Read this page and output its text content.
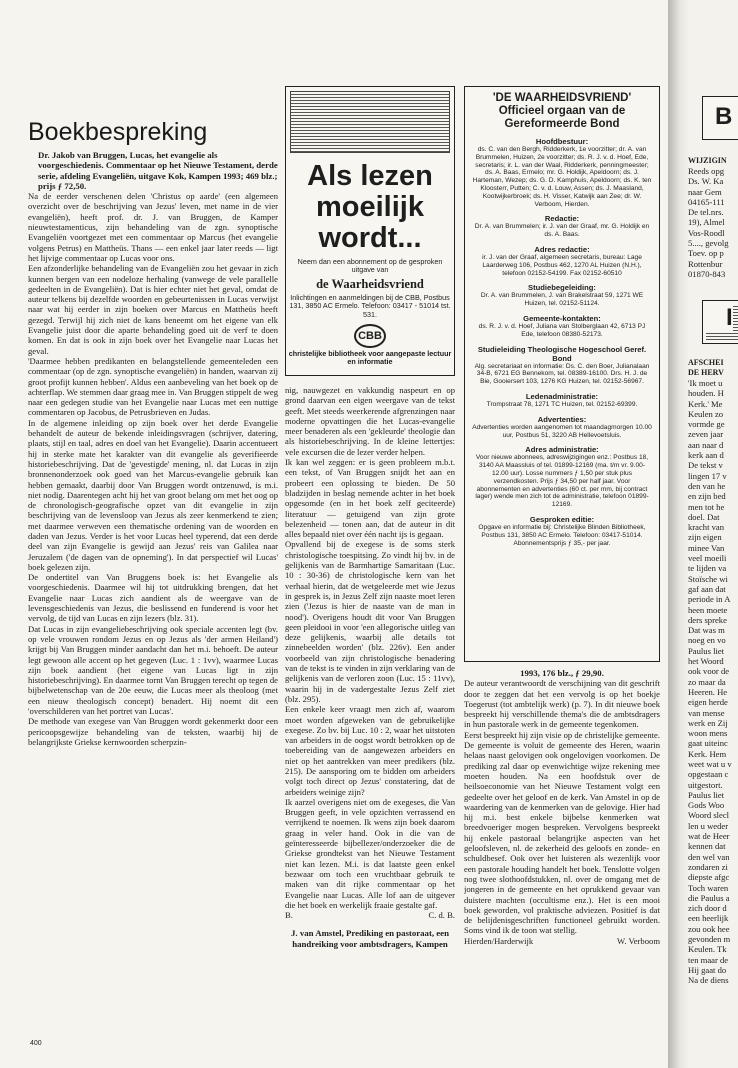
Boekbespreking

Dr. Jakob van Bruggen, Lucas, het evangelie als voorgeschiedenis. Commentaar op het Nieuwe Testament, derde serie, afdeling Evangeliën, uitgave Kok, Kampen 1993; 469 blz.; prijs ƒ 72,50.

Na de eerder verschenen delen 'Christus op aarde' (een algemeen overzicht over de beschrijving van Jezus' leven, met name in de vier evangeliën), heeft prof. dr. J. van Bruggen, de Kamper nieuwtestamenticus, zijn behandeling van de zgn. synoptische Evangeliën voortgezet met een commentaar op Marcus (het evangelie volgens Petrus) en Mattheüs. Thans — een enkel jaar later reeds — ligt het lijvige commentaar op Lucas voor ons.

Een afzonderlijke behandeling van de Evangeliën zou het gevaar in zich kunnen bergen van een nodeloze herhaling (vanwege de vele parallelle gedeelten in de Evangeliën). Dat is hier echter niet het geval, omdat de auteur telkens bij dezelfde woorden en gebeurtenissen in Lucas verwijst naar wat hij eerder in zijn boeken over Marcus en Mattheüs heeft gezegd. Terwijl hij zich niet de kans beneemt om het eigene van elk Evangelie juist door die aparte behandeling goed uit de verf te doen komen. En dat is ook in zijn boek over het Evangelie naar Lucas het geval.

'Daarmee hebben predikanten en belangstellende gemeenteleden een commentaar (op de zgn. synoptische evangeliën) in handen, waarvan zij groot profijt kunnen hebben'. Aldus een aanbeveling van het boek op de achterflap. We stemmen daar graag mee in. Van Bruggen stippelt de weg naar een gedegen studie van het Evangelie naar Lucas met een nuttige commentaren op Jacobus, de Petrusbrieven en Judas.

In de algemene inleiding op zijn boek over het derde Evangelie behandelt de auteur de bekende inleidingsvragen (schrijver, datering, plaats, stijl en taal, adres en doel van het Evangelie). Daarin accentueert hij in sterke mate het karakter van dit evangelie als geverifieerde historiebeschrijving. Dat de 'gevestigde' mening, nl. dat Lucas in zijn bronnenonderzoek ook goed van het Marcus-evangelie gebruik kan hebben gemaakt, daarbij door Van Bruggen wordt ontzenuwd, is m.i. niet nodig. Daarentegen acht hij het van groot belang om met het oog op de chronologisch-geografische opzet van dit evangelie in zijn beschrijving van de levensloop van Jezus als zeer kenmerkend te zien; met daarmee verweven een thematische ordening van de woorden en daden van Jezus. Verder is het voor Lucas heel typerend, dat een derde deel van zijn Evangelie is gewijd aan Jezus' reis van Galilea naar Jeruzalem ('de dagen van de opneming'). In dat perspectief wil Lucas' boek gelezen zijn.

De ondertitel van Van Bruggens boek is: het Evangelie als voorgeschiedenis. Daarmee wil hij tot uitdrukking brengen, dat het Evangelie naar Lucas zich aandient als de weergave van de levensgeschiedenis van Jezus, die beslissend en funderend is voor het vervolg, de tijd van Lucas en zijn lezers (blz. 31).

Dat Lucas in zijn evangeliebeschrijving ook speciale accenten legt (bv. op vele vrouwen rondom Jezus en op Jezus als 'der armen Heiland') krijgt bij Van Bruggen minder aandacht dan het m.i. behoeft. De auteur legt gewoon alle accent op het gegeven (Luc. 1 : 1vv), waarmee Lucas zijn boek aandient (het eigene van Lucas ligt in zijn historiebeschrijving). En daarmee tornt Van Bruggen terecht op tegen de bijbelwetenschap van de 20e eeuw, die Lucas meer als theoloog (met een nieuw theologisch concept) benadert. Hij noemt dit een 'overschilderen van het portret van Lucas'.

De methode van exegese van Van Bruggen wordt gekenmerkt door een pericoopsgewijze behandeling van de teksten, waarbij hij de belangrijkste Griekse kernwoorden scherpzin-

Als lezen
moeilijk
wordt...
Neem dan een abonnement op de gesproken uitgave van
de Waarheidsvriend
Inlichtingen en aanmeldingen bij de CBB, Postbus 131, 3850 AC Ermelo. Telefoon: 03417 - 51014 tst. 531.
CBB
christelijke bibliotheek voor aangepaste lectuur en informatie

nig, nauwgezet en vakkundig naspeurt en op grond daarvan een eigen weergave van de tekst geeft. Met steeds weerkerende afgrenzingen naar moderne opvattingen die het Lucas-evangelie meer benaderen als een 'gekleurde' theologie dan als historiebeschrijving. In de kleine lettertjes: vele excursen die de lezer verder helpen.

Ik kan wel zeggen: er is geen probleem m.b.t. een tekst, of Van Bruggen snijdt het aan en probeert een oplossing te bieden. De 50 bladzijden in beslag nemende achter in het boek opgesomde (en in het boek zelf geciteerde) literatuur — getuigend van zijn grote belezenheid — tonen aan, dat de auteur in dit alles bepaald niet over één nacht ijs is gegaan.

Opvallend bij de exegese is de soms sterk christologische toespitsing. Zo vindt hij bv. in de gelijkenis van de Barmhartige Samaritaan (Luc. 10 : 30-36) de christologische kern van het verhaal hierin, dat de wetgeleerde met wie Jezus in gesprek is, in Jezus Zelf zijn naaste moet leren zien ('Jezus is hier de naaste van de man in nood'). Overigens houdt dit voor Van Bruggen geen pleidooi in voor 'een allegorische uitleg van deze gelijkenis, waarbij alle details tot zinnebeelden worden' (blz. 226v). Een ander voorbeeld van zijn christologische benadering van de tekst is te vinden in zijn verklaring van de gelijkenis van de verloren zoon (Luc. 15 : 11vv), waarin hij in de vadergestalte Jezus Zelf ziet (blz. 295).

Een enkele keer vraagt men zich af, waarom moet worden afgeweken van de gebruikelijke exegese. Zo bv. bij Luc. 10 : 2, waar het uitstoten van arbeiders in de oogst wordt betrokken op de toebereiding van de aangewezen arbeiders en niet op het aantrekken van meer predikers (blz. 215). De aansporing om te bidden om arbeiders volgt toch direct op Jezus' constatering, dat de arbeiders weinige zijn?

Ik aarzel overigens niet om de exegeses, die Van Bruggen geeft, in vele opzichten verrassend en verrijkend te noemen. Ik wens zijn boek daarom graag in veler hand. Ook in die van de geïnteresseerde bijbellezer/onderzoeker die de Griekse grondtekst van het Nieuwe Testament niet kan lezen. M.i. is dat laatste geen enkel bezwaar om toch een vruchtbaar gebruik te maken van dit rijke commentaar op het Evangelie naar Lucas. Alle lof aan de uitgever die het boek en werkelijk fraaie gestalte gaf.

B.	C. d. B.

J. van Amstel, Prediking en pastoraat, een handreiking voor ambtsdragers, Kampen

'DE WAARHEIDSVRIEND'
Officieel orgaan van de Gereformeerde Bond
Hoofdbestuur:
ds. C. van den Bergh, Ridderkerk, 1e voorzitter; dr. A. van Brummelen, Huizen, 2e voorzitter; ds. R. J. v. d. Hoef, Ede, secretaris; ir. L. van der Waal, Ridderkerk, penningmeester; ds. A. Baas, Ermelo; mr. G. Holdijk, Apeldoorn; ds. J. Harteman, Wezep; ds. G. D. Kamphuis, Apeldoorn; ds. K. ten Kloosterr, Putten; C. v. d. Louw, Assen; ds. J. Maasland, Kootwijkerbroek; ds. H. Visser, Katwijk aan Zee; dr. W. Verboom, Hierden.
Redactie:
Dr. A. van Brummelen; ir. J. van der Graaf, mr. G. Holdijk en ds. A. Baas.
Adres redactie:
ir. J. van der Graaf, algemeen secretaris, bureau: Lage Laarderweg 106, Postbus 462, 1270 AL Huizen (N.H.), telefoon 02152-54199. Fax 02152-60510
Studiebegeleiding:
Dr. A. van Brummelen, J. van Brakelstraat 59, 1271 WE Huizen, tel. 02152-51124.
Gemeente-kontakten:
ds. R. J. v. d. Hoef, Juliana van Stolberglaan 42, 6713 PJ Ede, telefoon 08380-52173.
Studieleiding Theologische Hogeschool Geref. Bond
Alg. secretariaat en informatie: Ds. C. den Boer, Julianalaan 34-B, 6721 EG Bennekom, tel. 08389-16100. Drs. H. J. de Bie, Gooiersert 103, 1276 KG Huizen, tel. 02152-56967.
Ledenadministratie:
Trompstraat 78, 1271 TC Huizen, tel. 02152-69399.
Advertenties:
Advertenties worden aangenomen tot maandagmorgen 10.00 uur, Postbus 51, 3220 AB Hellevoetsluis.
Adres administratie:
Voor nieuwe abonnees, adreswijzigingen enz.: Postbus 18, 3140 AA Maassluis of tel. 01899-12169 (ma. t/m vr. 9.00-12.00 uur). Losse nummers ƒ 1,50 per stuk plus verzendkosten. Prijs ƒ 34,50 per half jaar. Voor abonnementen en advertenties (60 ct. per mm, bij contract lager) wende men zich tot de administratie, telefoon 01899-12169.
Gesproken editie:
Opgave en informatie bij: Christelijke Blinden Bibliotheek, Postbus 131, 3850 AC Ermelo. Telefoon: 03417-51014. Abonnementsprijs ƒ 35,- per jaar.

1993, 176 blz., ƒ 29,90.

De auteur verantwoordt de verschijning van dit geschrift door te zeggen dat het een vervolg is op het boekje Toegerust (tot ambtelijk werk) (p. 7). In dit nieuwe boek bespreekt hij verschillende thema's die de ambtsdragers in hun pastorale werk in de gemeente tegenkomen.

Eerst bespreekt hij zijn visie op de christelijke gemeente. De gemeente is voluit de gemeente des Heren, waarin helaas naast gelovigen ook ongelovigen voorkomen. De prediking zal daar op evenwichtige wijze rekening mee moeten houden. Na een hoofdstuk over de heilsoeconomie van het Nieuwe Testament volgt een gedeelte over het geloof en de kerk. Van Amstel in op de waardering van de kenmerken van de gelovige. Hier had hij m.i. best enkele bijbelse kenmerken wat breedvoeriger mogen bespreken. Vervolgens bespreekt hij enkele pastoraal belangrijke aspecten van het geloofsleven, nl. de zekerheid des geloofs en zonde- en schuldbesef. Ook over het luisteren als wezenlijk voor een pastorale houding handelt het boek. Tenslotte volgen nog twee slothoofdstukken, nl. over de omgang met de jongeren in de gemeente en het oprukkend gevaar van duistere machten (occultisme enz.). Het is een mooi boek geworden, vol praktische adviezen. Positief is dat de belijdenisgeschriften functioneel gebruikt worden. Soms vind ik de toon wat stellig.

Hierden/Harderwijk	W. Verboom
400
B
WIJZIGIN
Reeds opg
Ds. W. Ka
naar Gem
04165-111
De tel.nrs.
19), Almel
Vos-Roodl
5...., gevolg
Toev. op p
Rottenbur
01870-843
I
AFSCHEI
DE HERV
'Ik moet u
houden. H
Kerk.' Me
Keulen zo
vormde ge
zeven jaar
aan naar d
kerk aan d
De tekst v
lingen 17 v
den van he
en zijn bed
men tot he
doel. Dat
kracht van
zijn eigen
minee Van
veel moeili
te lijden va
Stoïsche wi
gaf aan dat
periode in A
heen moete
ders spreke
Dat was m
noeg en vo
Paulus liet
het Woord
ook voor de
zo maar da
Heeren. He
eigen herde
van mense
werk en Zij
woon mens
gaat uiteinc
Kerk. Hem
weet wat u v
opgestaan c
uitgestort.
Paulus liet
Gods Woo
Woord slecl
len u weder
wat de Heer
kennen dat
den wel van
zondaren zi
diepste afgc
Toch waren
die Paulus a
zich door d
een heerlijk
zou ook hee
gevonden m
Keulen. Tk
ten maar de
Hij gaat do
Na de diens
